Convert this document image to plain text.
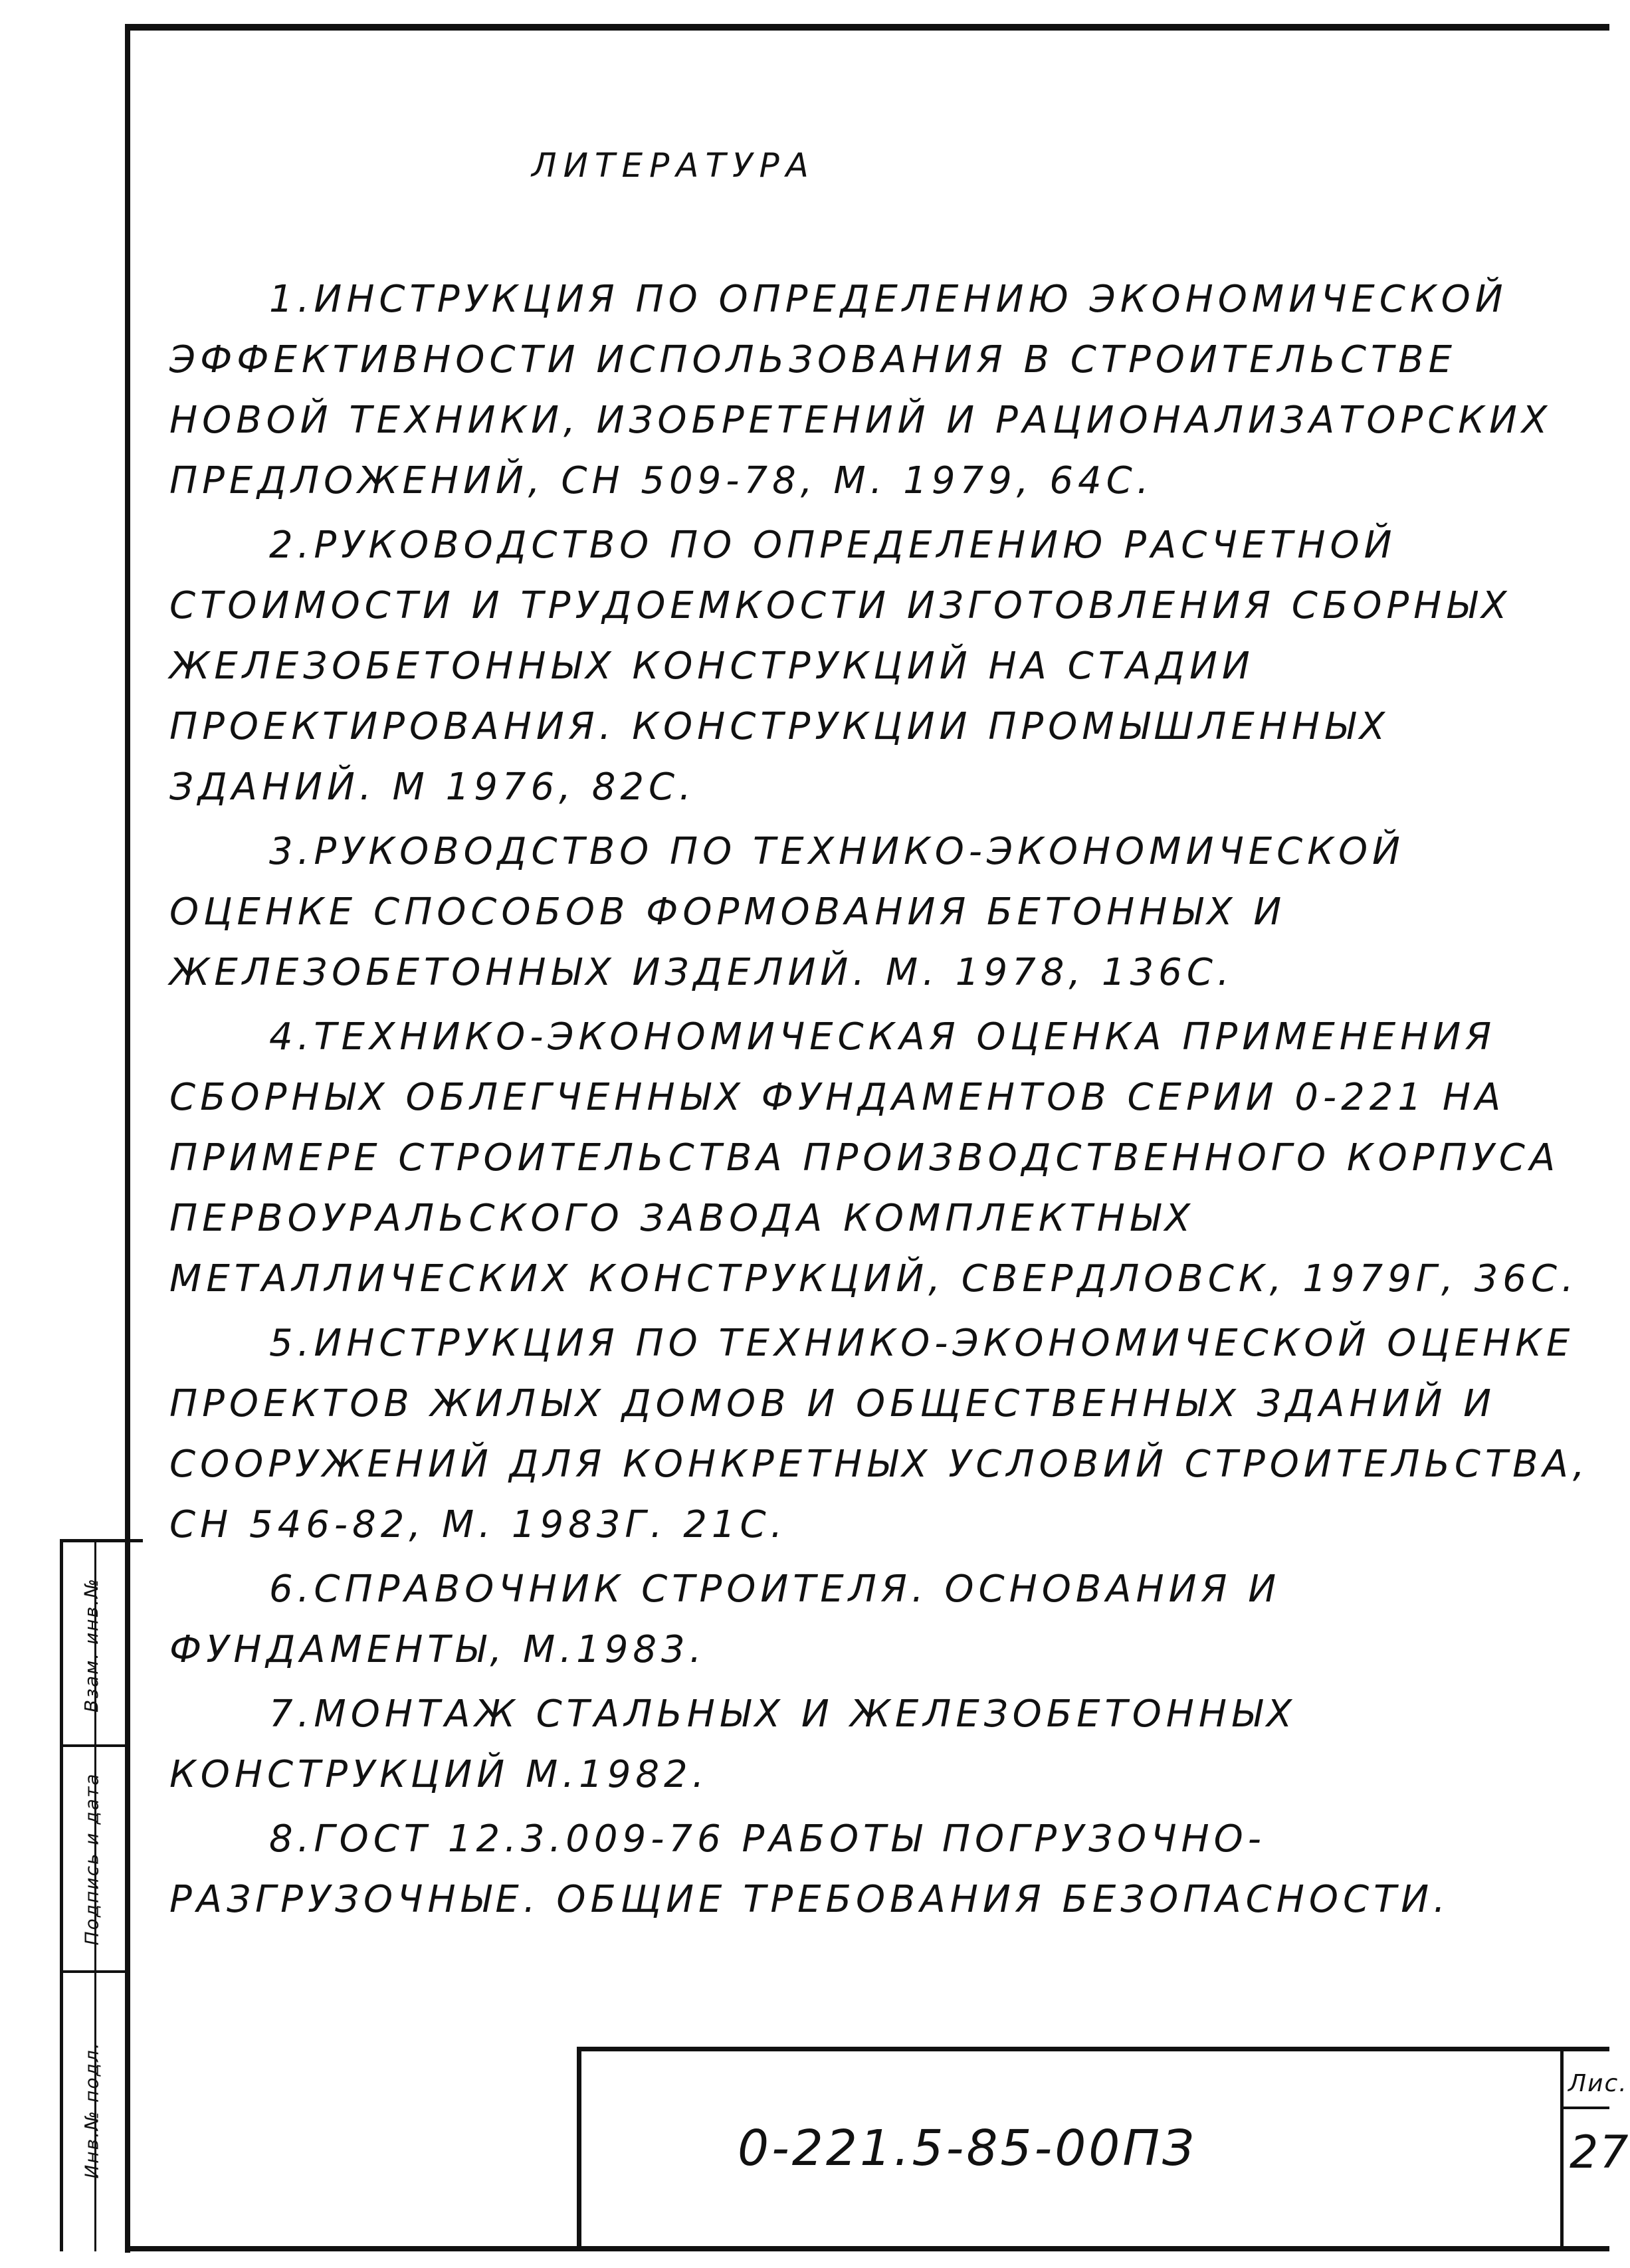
Взам. инв.№
Подпись и дата
Инв.№ подл.
ЛИТЕРАТУРА

1.ИНСТРУКЦИЯ ПО ОПРЕДЕЛЕНИЮ ЭКОНОМИЧЕСКОЙ ЭФФЕКТИВНОСТИ ИСПОЛЬЗОВАНИЯ В СТРОИТЕЛЬСТВЕ НОВОЙ ТЕХНИКИ, ИЗОБРЕТЕНИЙ И РАЦИОНАЛИЗАТОРСКИХ ПРЕДЛОЖЕНИЙ, СН 509-78, М. 1979, 64С.

2.РУКОВОДСТВО ПО ОПРЕДЕЛЕНИЮ РАСЧЕТНОЙ СТОИМОСТИ И ТРУДОЕМКОСТИ ИЗГОТОВЛЕНИЯ СБОРНЫХ ЖЕЛЕЗОБЕТОННЫХ КОНСТРУКЦИЙ НА СТАДИИ ПРОЕКТИРОВАНИЯ. КОНСТРУКЦИИ ПРОМЫШЛЕННЫХ ЗДАНИЙ. М 1976, 82С.

3.РУКОВОДСТВО ПО ТЕХНИКО-ЭКОНОМИЧЕСКОЙ ОЦЕНКЕ СПОСОБОВ ФОРМОВАНИЯ БЕТОННЫХ И ЖЕЛЕЗОБЕТОННЫХ ИЗДЕЛИЙ. М. 1978, 136С.

4.ТЕХНИКО-ЭКОНОМИЧЕСКАЯ ОЦЕНКА ПРИМЕНЕНИЯ СБОРНЫХ ОБЛЕГЧЕННЫХ ФУНДАМЕНТОВ СЕРИИ 0-221 НА ПРИМЕРЕ СТРОИТЕЛЬСТВА ПРОИЗВОДСТВЕННОГО КОРПУСА ПЕРВОУРАЛЬСКОГО ЗАВОДА КОМПЛЕКТНЫХ МЕТАЛЛИЧЕСКИХ КОНСТРУКЦИЙ, СВЕРДЛОВСК, 1979Г, 36С.

5.ИНСТРУКЦИЯ ПО ТЕХНИКО-ЭКОНОМИЧЕСКОЙ ОЦЕНКЕ ПРОЕКТОВ ЖИЛЫХ ДОМОВ И ОБЩЕСТВЕННЫХ ЗДАНИЙ И СООРУЖЕНИЙ ДЛЯ КОНКРЕТНЫХ УСЛОВИЙ СТРОИТЕЛЬСТВА, СН 546-82, М. 1983Г. 21С.

6.СПРАВОЧНИК СТРОИТЕЛЯ. ОСНОВАНИЯ И ФУНДАМЕНТЫ, М.1983.

7.МОНТАЖ СТАЛЬНЫХ И ЖЕЛЕЗОБЕТОННЫХ КОНСТРУКЦИЙ М.1982.

8.ГОСТ 12.3.009-76 РАБОТЫ ПОГРУЗОЧНО-РАЗГРУЗОЧНЫЕ. ОБЩИЕ ТРЕБОВАНИЯ БЕЗОПАСНОСТИ.

0-221.5-85-00ПЗ
Лис.
27
